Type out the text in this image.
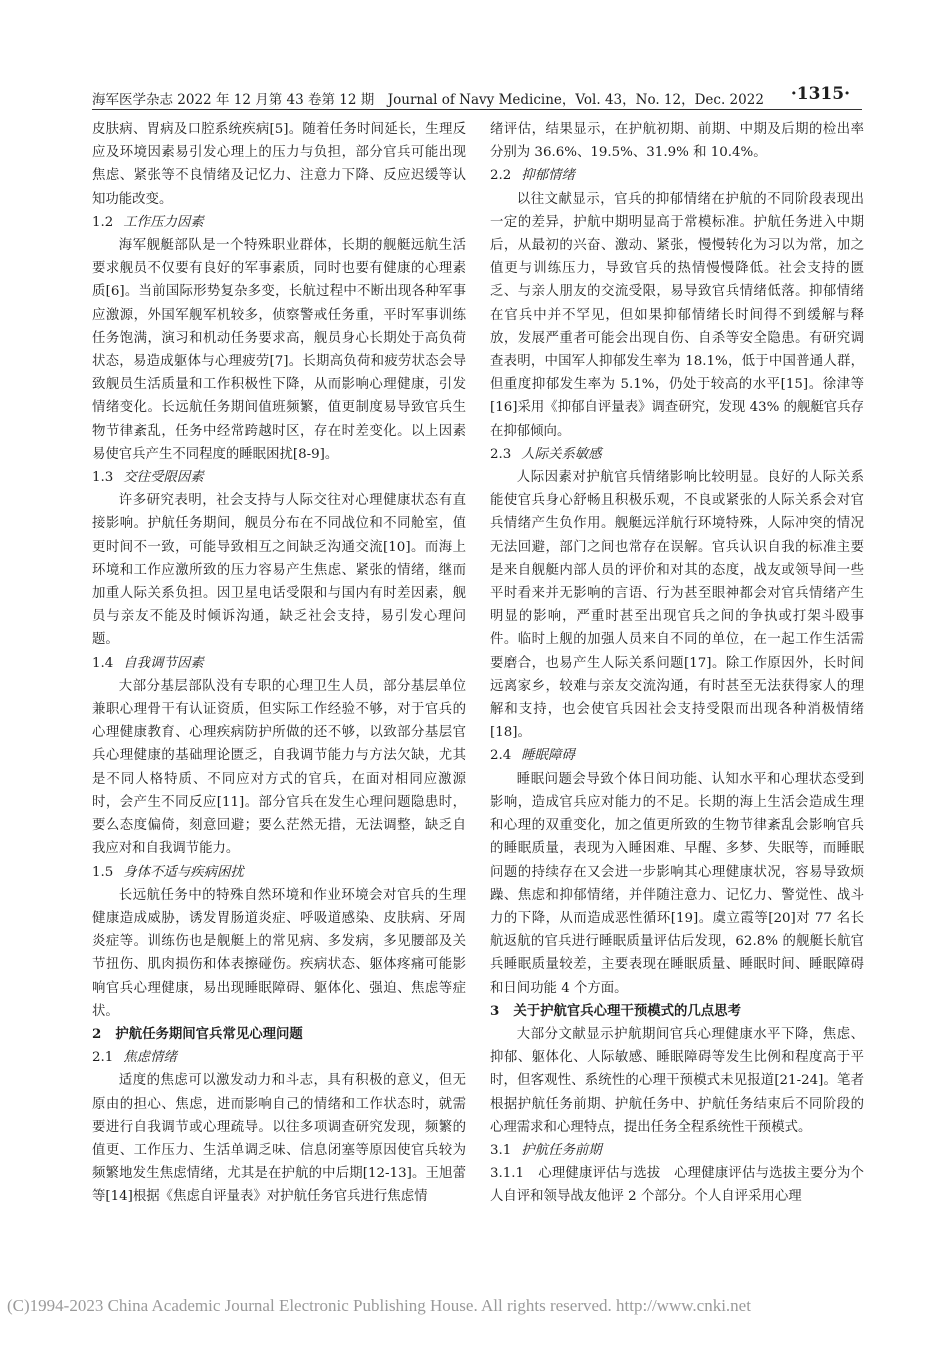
海军医学杂志 2022 年 12 月第 43 卷第 12 期　Journal of Navy Medicine，Vol. 43，No. 12，Dec. 2022 ·1315·

皮肤病、胃病及口腔系统疾病[5]。随着任务时间延长，生理反应及环境因素易引发心理上的压力与负担，部分官兵可能出现焦虑、紧张等不良情绪及记忆力、注意力下降、反应迟缓等认知功能改变。

1.2 工作压力因素

海军舰艇部队是一个特殊职业群体，长期的舰艇远航生活要求舰员不仅要有良好的军事素质，同时也要有健康的心理素质[6]。当前国际形势复杂多变，长航过程中不断出现各种军事应激源，外国军舰军机较多，侦察警戒任务重，平时军事训练任务饱满，演习和机动任务要求高，舰员身心长期处于高负荷状态，易造成躯体与心理疲劳[7]。长期高负荷和疲劳状态会导致舰员生活质量和工作积极性下降，从而影响心理健康，引发情绪变化。长远航任务期间值班频繁，值更制度易导致官兵生物节律紊乱，任务中经常跨越时区，存在时差变化。以上因素易使官兵产生不同程度的睡眠困扰[8-9]。

1.3 交往受限因素

许多研究表明，社会支持与人际交往对心理健康状态有直接影响。护航任务期间，舰员分布在不同战位和不同舱室，值更时间不一致，可能导致相互之间缺乏沟通交流[10]。而海上环境和工作应激所致的压力容易产生焦虑、紧张的情绪，继而加重人际关系负担。因卫星电话受限和与国内有时差因素，舰员与亲友不能及时倾诉沟通，缺乏社会支持，易引发心理问题。

1.4 自我调节因素

大部分基层部队没有专职的心理卫生人员，部分基层单位兼职心理骨干有认证资质，但实际工作经验不够，对于官兵的心理健康教育、心理疾病防护所做的还不够，以致部分基层官兵心理健康的基础理论匮乏，自我调节能力与方法欠缺，尤其是不同人格特质、不同应对方式的官兵，在面对相同应激源时，会产生不同反应[11]。部分官兵在发生心理问题隐患时，要么态度偏倚，刻意回避；要么茫然无措，无法调整，缺乏自我应对和自我调节能力。

1.5 身体不适与疾病困扰

长远航任务中的特殊自然环境和作业环境会对官兵的生理健康造成威胁，诱发胃肠道炎症、呼吸道感染、皮肤病、牙周炎症等。训练伤也是舰艇上的常见病、多发病，多见腰部及关节扭伤、肌肉损伤和体表擦碰伤。疾病状态、躯体疼痛可能影响官兵心理健康，易出现睡眠障碍、躯体化、强迫、焦虑等症状。

2 护航任务期间官兵常见心理问题
2.1 焦虑情绪

适度的焦虑可以激发动力和斗志，具有积极的意义，但无原由的担心、焦虑，进而影响自己的情绪和工作状态时，就需要进行自我调节或心理疏导。以往多项调查研究发现，频繁的值更、工作压力、生活单调乏味、信息闭塞等原因使官兵较为频繁地发生焦虑情绪，尤其是在护航的中后期[12-13]。王旭蕾等[14]根据《焦虑自评量表》对护航任务官兵进行焦虑情

绪评估，结果显示，在护航初期、前期、中期及后期的检出率分别为 36.6%、19.5%、31.9% 和 10.4%。

2.2 抑郁情绪

以往文献显示，官兵的抑郁情绪在护航的不同阶段表现出一定的差异，护航中期明显高于常模标准。护航任务进入中期后，从最初的兴奋、激动、紧张，慢慢转化为习以为常，加之值更与训练压力，导致官兵的热情慢慢降低。社会支持的匮乏、与亲人朋友的交流受限，易导致官兵情绪低落。抑郁情绪在官兵中并不罕见，但如果抑郁情绪长时间得不到缓解与释放，发展严重者可能会出现自伤、自杀等安全隐患。有研究调查表明，中国军人抑郁发生率为 18.1%，低于中国普通人群，但重度抑郁发生率为 5.1%，仍处于较高的水平[15]。徐津等[16]采用《抑郁自评量表》调查研究，发现 43% 的舰艇官兵存在抑郁倾向。

2.3 人际关系敏感

人际因素对护航官兵情绪影响比较明显。良好的人际关系能使官兵身心舒畅且积极乐观，不良或紧张的人际关系会对官兵情绪产生负作用。舰艇远洋航行环境特殊，人际冲突的情况无法回避，部门之间也常存在误解。官兵认识自我的标准主要是来自舰艇内部人员的评价和对其的态度，战友或领导间一些平时看来并无影响的言语、行为甚至眼神都会对官兵情绪产生明显的影响，严重时甚至出现官兵之间的争执或打架斗殴事件。临时上舰的加强人员来自不同的单位，在一起工作生活需要磨合，也易产生人际关系问题[17]。除工作原因外，长时间远离家乡，较难与亲友交流沟通，有时甚至无法获得家人的理解和支持，也会使官兵因社会支持受限而出现各种消极情绪[18]。

2.4 睡眠障碍

睡眠问题会导致个体日间功能、认知水平和心理状态受到影响，造成官兵应对能力的不足。长期的海上生活会造成生理和心理的双重变化，加之值更所致的生物节律紊乱会影响官兵的睡眠质量，表现为入睡困难、早醒、多梦、失眠等，而睡眠问题的持续存在又会进一步影响其心理健康状况，容易导致烦躁、焦虑和抑郁情绪，并伴随注意力、记忆力、警觉性、战斗力的下降，从而造成恶性循环[19]。虞立霞等[20]对 77 名长航返航的官兵进行睡眠质量评估后发现，62.8% 的舰艇长航官兵睡眠质量较差，主要表现在睡眠质量、睡眠时间、睡眠障碍和日间功能 4 个方面。

3 关于护航官兵心理干预模式的几点思考

大部分文献显示护航期间官兵心理健康水平下降，焦虑、抑郁、躯体化、人际敏感、睡眠障碍等发生比例和程度高于平时，但客观性、系统性的心理干预模式未见报道[21-24]。笔者根据护航任务前期、护航任务中、护航任务结束后不同阶段的心理需求和心理特点，提出任务全程系统性干预模式。

3.1 护航任务前期
3.1.1 心理健康评估与选拔　 心理健康评估与选拔主要分为个人自评和领导战友他评 2 个部分。个人自评采用心理
(C)1994-2023 China Academic Journal Electronic Publishing House. All rights reserved. http://www.cnki.net
